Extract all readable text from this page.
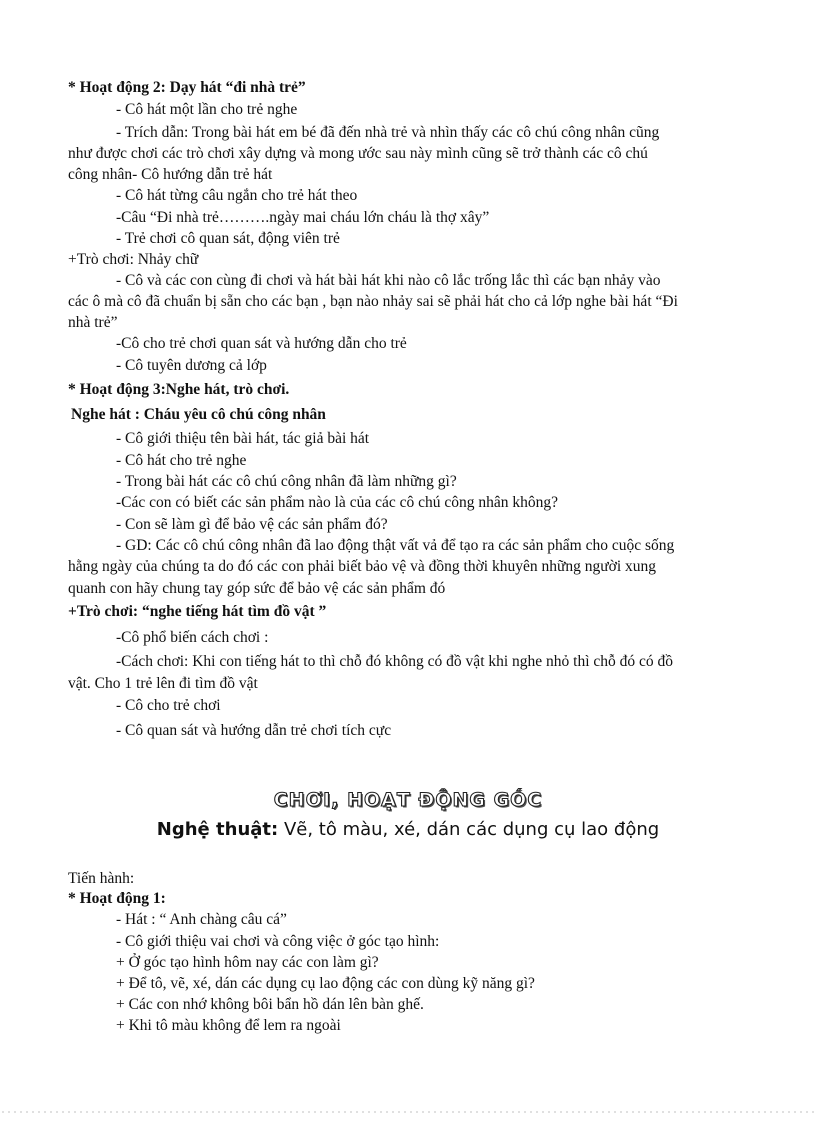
* Hoạt động 2: Dạy hát “đi nhà trẻ”
- Cô hát một lần cho trẻ nghe
- Trích dẫn: Trong bài hát em bé đã đến nhà trẻ và nhìn thấy các cô chú công nhân cũng
như được chơi các trò chơi xây dựng và mong ước sau này mình cũng sẽ trở thành các cô chú
công nhân- Cô hướng dẫn trẻ hát
- Cô hát từng câu ngắn cho trẻ hát theo
-Câu “Đi nhà trẻ……….ngày mai cháu lớn cháu là thợ xây”
- Trẻ chơi cô quan sát, động viên trẻ
+Trò chơi: Nhảy chữ
- Cô và các con cùng đi chơi và hát bài hát khi nào cô lắc trống lắc thì các bạn nhảy vào
các ô mà cô đã chuẩn bị sẵn cho các bạn , bạn nào nhảy sai sẽ phải hát cho cả lớp nghe bài hát “Đi
nhà trẻ”
-Cô cho trẻ chơi quan sát và hướng dẫn cho trẻ
- Cô tuyên dương cả lớp
* Hoạt động 3:Nghe hát, trò chơi.
Nghe hát : Cháu yêu cô chú công nhân
- Cô giới thiệu tên bài hát, tác giả bài hát
- Cô hát cho trẻ nghe
- Trong bài hát các cô chú công nhân đã làm những gì?
-Các con có biết các sản phẩm nào là của các cô chú công nhân không?
- Con sẽ làm gì để bảo vệ các sản phẩm đó?
- GD: Các cô chú công nhân đã lao động thật vất vả để tạo ra các sản phẩm cho cuộc sống
hằng ngày của chúng ta do đó các con phải biết bảo vệ và đồng thời khuyên những người xung
quanh con hãy chung tay góp sức để bảo vệ các sản phẩm đó
+Trò chơi: “nghe tiếng hát tìm đồ vật ”
-Cô phổ biến cách chơi :
-Cách chơi: Khi con tiếng hát to thì chỗ đó không có đồ vật khi nghe nhỏ thì chỗ đó có đồ
vật. Cho 1 trẻ lên đi tìm đồ vật
- Cô cho trẻ chơi
- Cô quan sát và hướng dẫn trẻ chơi tích cực
Tiến hành:
* Hoạt động 1:
- Hát : “ Anh chàng câu cá”
- Cô giới thiệu vai chơi và công việc ở góc tạo hình:
+ Ở góc tạo hình hôm nay các con làm gì?
+ Để tô, vẽ, xé, dán các dụng cụ lao động các con dùng kỹ năng gì?
+ Các con nhớ không bôi bẩn hồ dán lên bàn ghế.
+ Khi tô màu không để lem ra ngoài
CHƠI, HOẠT ĐỘNG GÓC
Nghệ thuật: Vẽ, tô màu, xé, dán các dụng cụ lao động
